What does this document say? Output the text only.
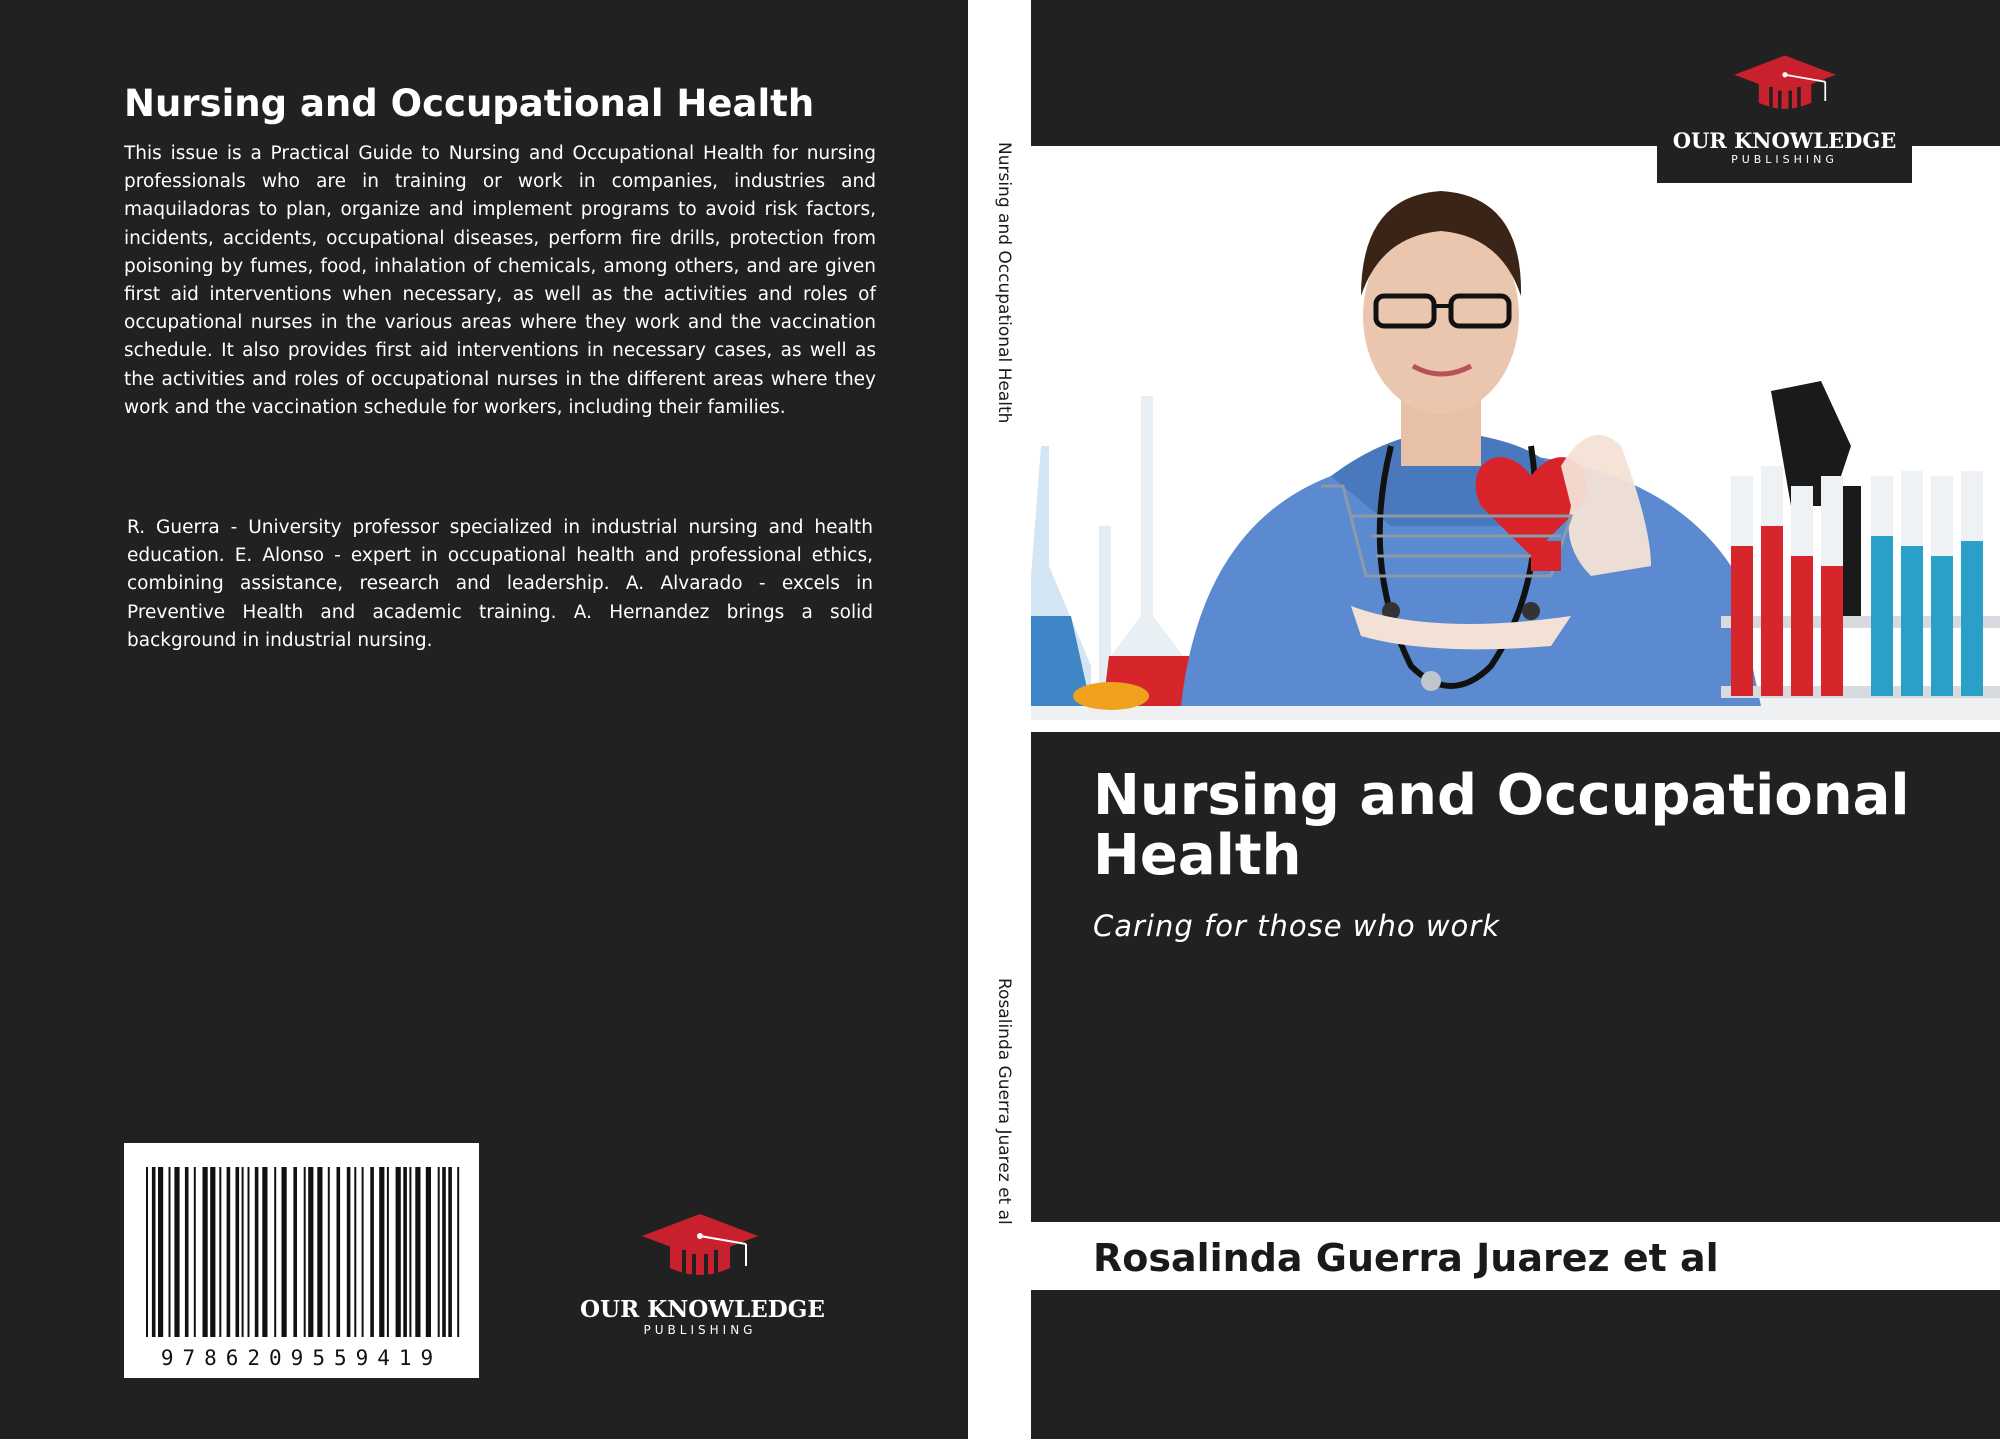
Nursing and Occupational Health

This issue is a Practical Guide to Nursing and Occupational Health for nursing professionals who are in training or work in companies, industries and maquiladoras to plan, organize and implement programs to avoid risk factors, incidents, accidents, occupational diseases, perform fire drills, protection from poisoning by fumes, food, inhalation of chemicals, among others, and are given first aid interventions when necessary, as well as the activities and roles of occupational nurses in the various areas where they work and the vaccination schedule. It also provides first aid interventions in necessary cases, as well as the activities and roles of occupational nurses in the different areas where they work and the vaccination schedule for workers, including their families.

R. Guerra - University professor specialized in industrial nursing and health education. E. Alonso - expert in occupational health and professional ethics, combining assistance, research and leadership. A. Alvarado - excels in Preventive Health and academic training. A. Hernandez brings a solid background in industrial nursing.

9786209559419
OUR KNOWLEDGE
PUBLISHING
Nursing and Occupational Health
Rosalinda Guerra Juarez et al
OUR KNOWLEDGE
PUBLISHING
Nursing and Occupational Health

Caring for those who work

Rosalinda Guerra Juarez et al
